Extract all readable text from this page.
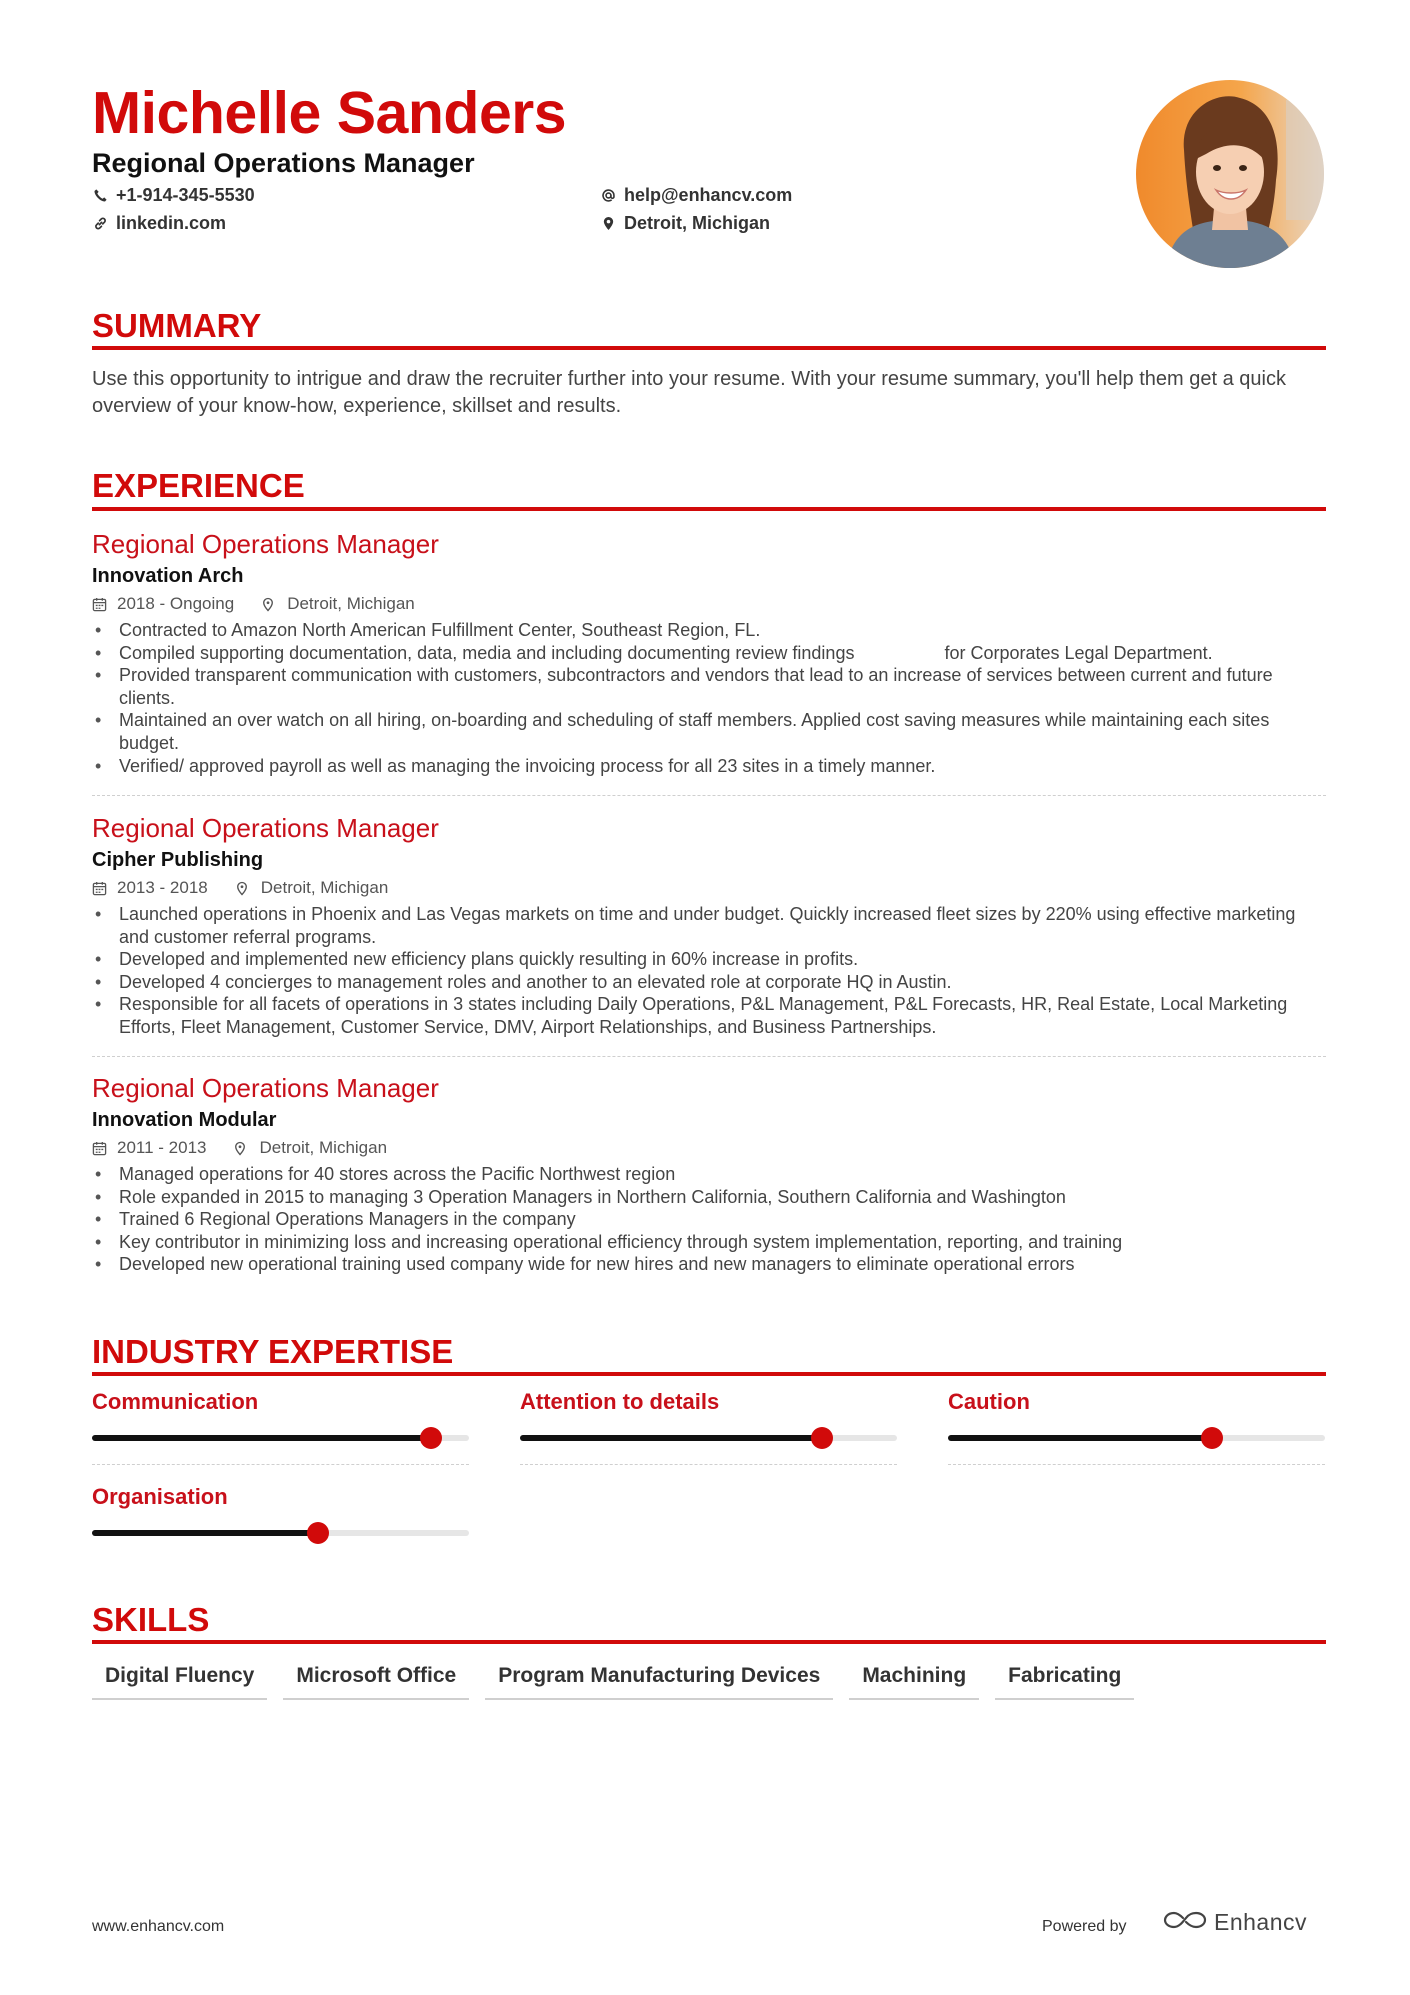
Michelle Sanders
Regional Operations Manager
+1-914-345-5530
linkedin.com
help@enhancv.com
Detroit, Michigan
SUMMARY
Use this opportunity to intrigue and draw the recruiter further into your resume. With your resume summary, you'll help them get a quick overview of your know-how, experience, skillset and results.
EXPERIENCE
Regional Operations Manager
Innovation Arch
2018 - Ongoing	Detroit, Michigan
• Contracted to Amazon North American Fulfillment Center, Southeast Region, FL.
• Compiled supporting documentation, data, media and including documenting review findings                  for Corporates Legal Department.
• Provided transparent communication with customers, subcontractors and vendors that lead to an increase of services between current and future clients.
• Maintained an over watch on all hiring, on-boarding and scheduling of staff members. Applied cost saving measures while maintaining each sites budget.
• Verified/ approved payroll as well as managing the invoicing process for all 23 sites in a timely manner.
Regional Operations Manager
Cipher Publishing
2013 - 2018	Detroit, Michigan
• Launched operations in Phoenix and Las Vegas markets on time and under budget. Quickly increased fleet sizes by 220% using effective marketing and customer referral programs.
• Developed and implemented new efficiency plans quickly resulting in 60% increase in profits.
• Developed 4 concierges to management roles and another to an elevated role at corporate HQ in Austin.
• Responsible for all facets of operations in 3 states including Daily Operations, P&L Management, P&L Forecasts, HR, Real Estate, Local Marketing Efforts, Fleet Management, Customer Service, DMV, Airport Relationships, and Business Partnerships.
Regional Operations Manager
Innovation Modular
2011 - 2013	Detroit, Michigan
• Managed operations for 40 stores across the Pacific Northwest region
• Role expanded in 2015 to managing 3 Operation Managers in Northern California, Southern California and Washington
• Trained 6 Regional Operations Managers in the company
• Key contributor in minimizing loss and increasing operational efficiency through system implementation, reporting, and training
• Developed new operational training used company wide for new hires and new managers to eliminate operational errors
INDUSTRY EXPERTISE
Communication	Attention to details	Caution
Organisation
SKILLS
Digital Fluency	Microsoft Office	Program Manufacturing Devices	Machining	Fabricating
www.enhancv.com	Powered by	Enhancv
